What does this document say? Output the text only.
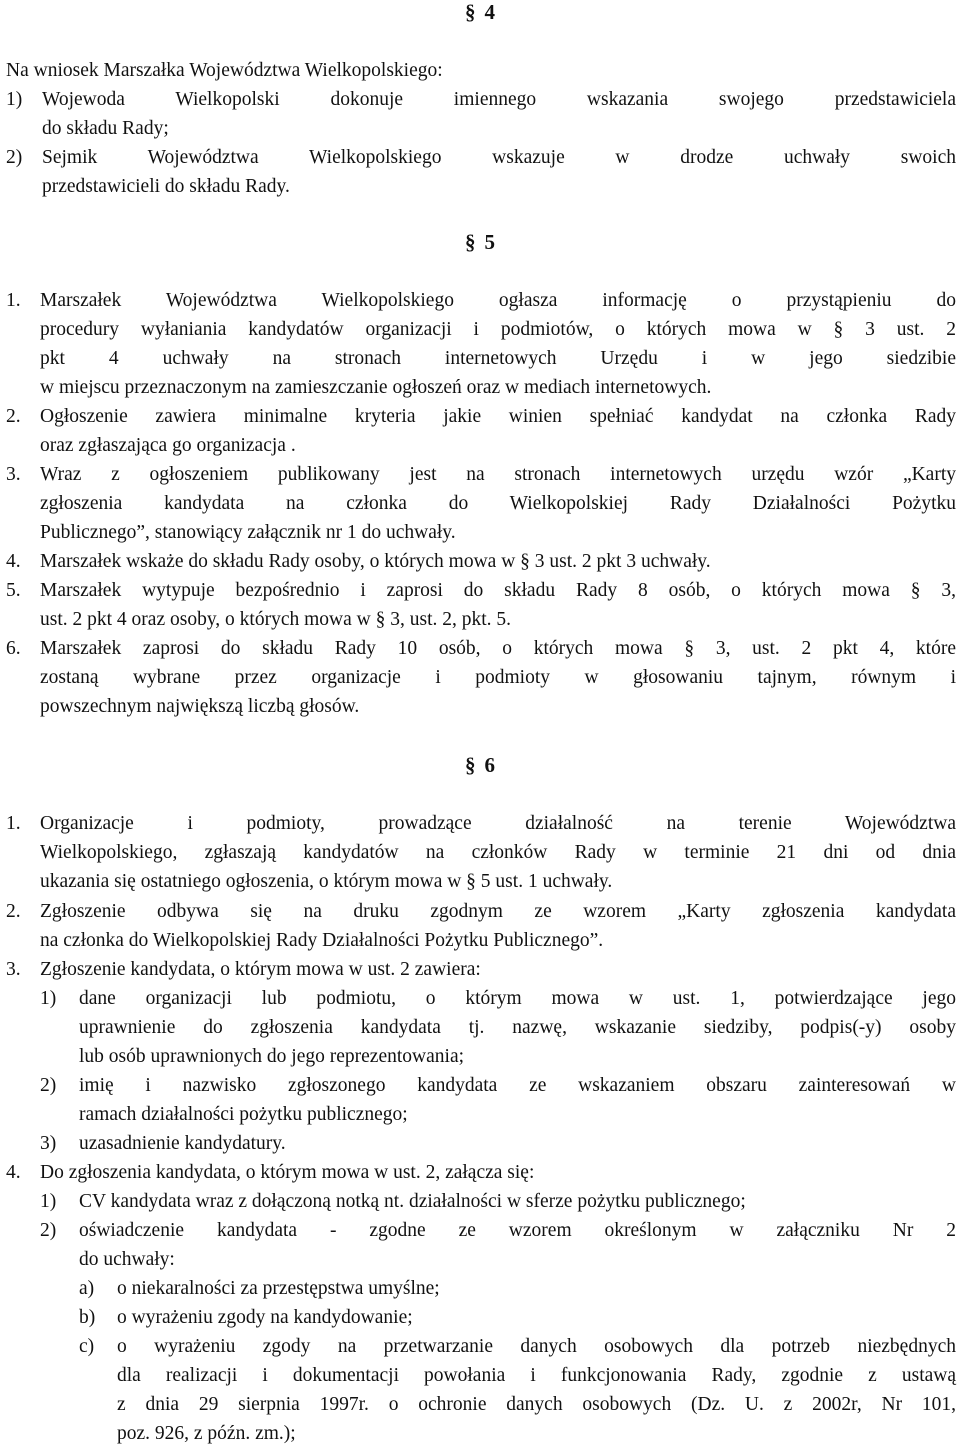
§ 4
Na wniosek Marszałka Województwa Wielkopolskiego:
1) Wojewoda Wielkopolski dokonuje imiennego wskazania swojego przedstawiciela
do składu Rady;
2) Sejmik Województwa Wielkopolskiego wskazuje w drodze uchwały swoich
przedstawicieli do składu Rady.
§ 5
1. Marszałek Województwa Wielkopolskiego ogłasza informację o przystąpieniu do
procedury wyłaniania kandydatów organizacji i podmiotów, o których mowa w § 3 ust. 2
pkt 4 uchwały na stronach internetowych Urzędu i w jego siedzibie
w miejscu przeznaczonym na zamieszczanie ogłoszeń oraz w mediach internetowych.
2. Ogłoszenie zawiera minimalne kryteria jakie winien spełniać kandydat na członka Rady
oraz zgłaszająca go organizacja .
3. Wraz z ogłoszeniem publikowany jest na stronach internetowych urzędu wzór „Karty
zgłoszenia kandydata na członka do Wielkopolskiej Rady Działalności Pożytku
Publicznego”, stanowiący załącznik nr 1 do uchwały.
4. Marszałek wskaże do składu Rady osoby, o których mowa w § 3 ust. 2 pkt 3 uchwały.
5. Marszałek wytypuje bezpośrednio i zaprosi do składu Rady 8 osób, o których mowa § 3,
ust. 2 pkt 4 oraz osoby, o których mowa w § 3, ust. 2, pkt. 5.
6. Marszałek zaprosi do składu Rady 10 osób, o których mowa § 3, ust. 2 pkt 4, które
zostaną wybrane przez organizacje i podmioty w głosowaniu tajnym, równym i
powszechnym największą liczbą głosów.
§ 6
1. Organizacje i podmioty, prowadzące działalność na terenie Województwa
Wielkopolskiego, zgłaszają kandydatów na członków Rady w terminie 21 dni od dnia
ukazania się ostatniego ogłoszenia, o którym mowa w § 5 ust. 1 uchwały.
2. Zgłoszenie odbywa się na druku zgodnym ze wzorem „Karty zgłoszenia kandydata
na członka do Wielkopolskiej Rady Działalności Pożytku Publicznego”.
3. Zgłoszenie kandydata, o którym mowa w ust. 2 zawiera:
1) dane organizacji lub podmiotu, o którym mowa w ust. 1, potwierdzające jego
uprawnienie do zgłoszenia kandydata tj. nazwę, wskazanie siedziby, podpis(-y) osoby
lub osób uprawnionych do jego reprezentowania;
2) imię i nazwisko zgłoszonego kandydata ze wskazaniem obszaru zainteresowań w
ramach działalności pożytku publicznego;
3) uzasadnienie kandydatury.
4. Do zgłoszenia kandydata, o którym mowa w ust. 2, załącza się:
1) CV kandydata wraz z dołączoną notką nt. działalności w sferze pożytku publicznego;
2) oświadczenie kandydata - zgodne ze wzorem określonym w załączniku Nr 2
do uchwały:
a) o niekaralności za przestępstwa umyślne;
b) o wyrażeniu zgody na kandydowanie;
c) o wyrażeniu zgody na przetwarzanie danych osobowych dla potrzeb niezbędnych
dla realizacji i dokumentacji powołania i funkcjonowania Rady, zgodnie z ustawą
z dnia 29 sierpnia 1997r. o ochronie danych osobowych (Dz. U. z 2002r, Nr 101,
poz. 926, z późn. zm.);
